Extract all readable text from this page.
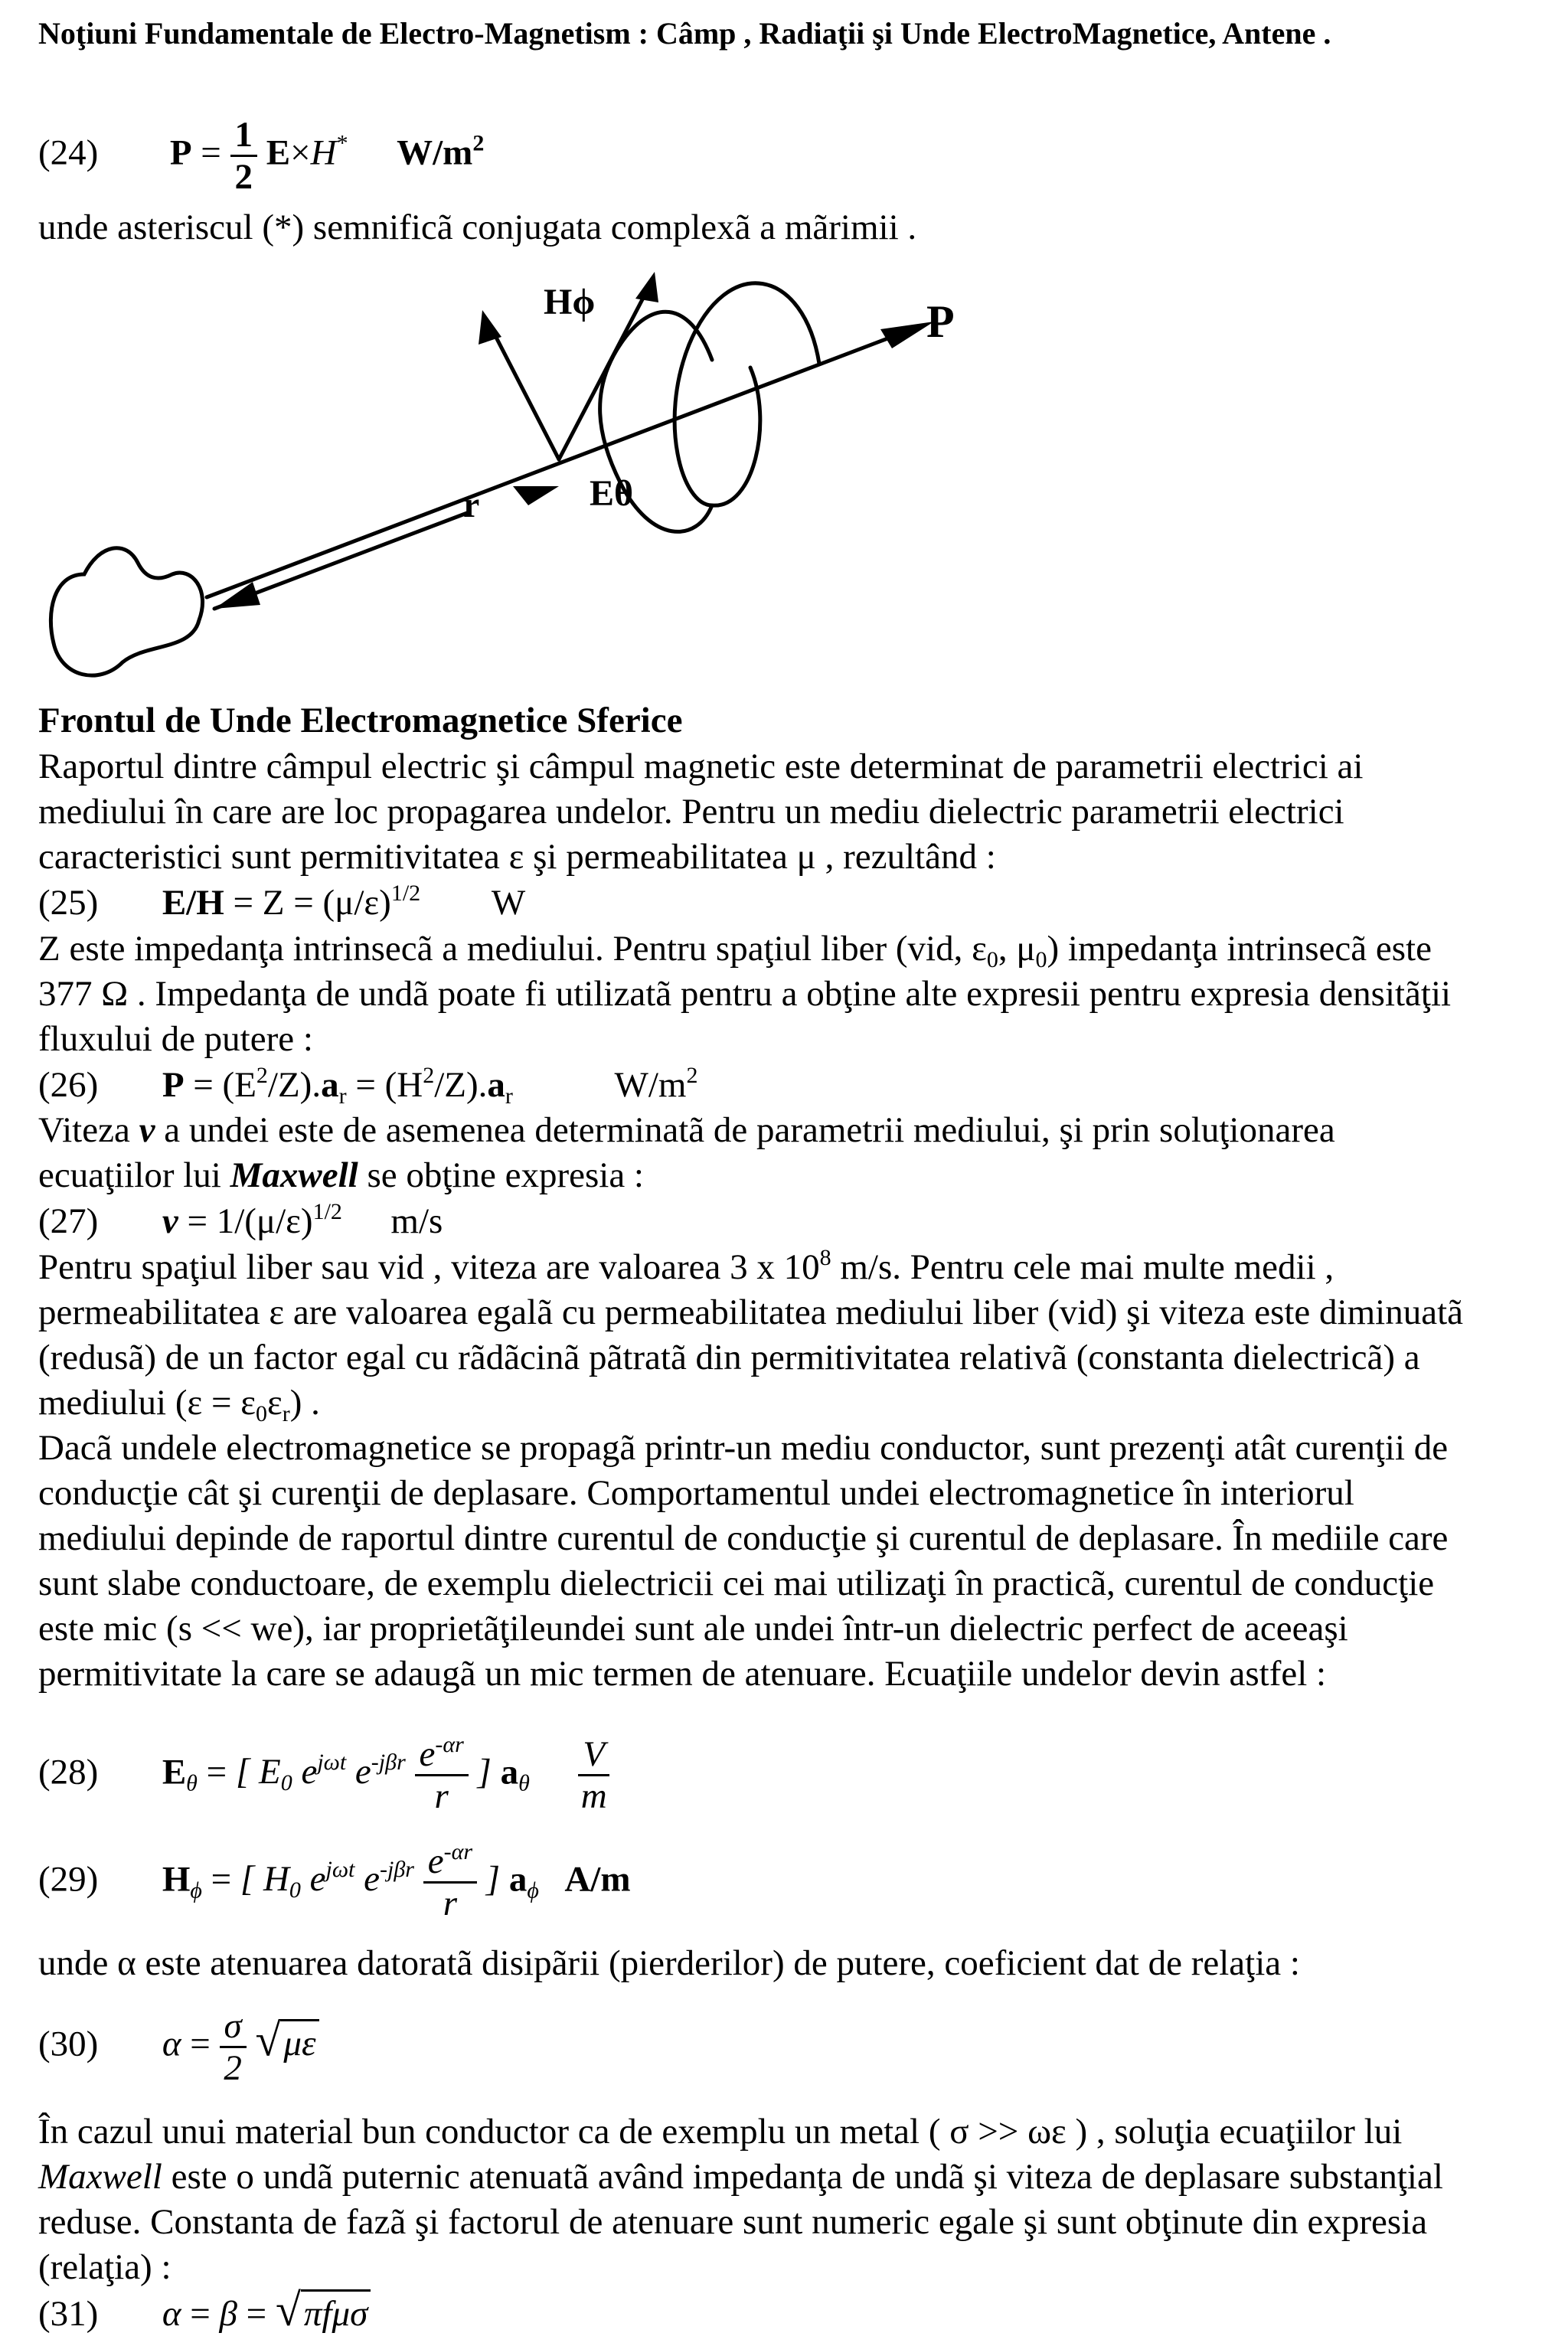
Noţiuni Fundamentale de Electro-Magnetism : Câmp , Radiaţii şi Unde ElectroMagnetice, Antene .
(24) $P = \frac{1}{2} E\times H^*$ $W/m^2$
unde asteriscul (*) semnificã conjugata complexã a mãrimii .
P
Hϕ
Eθ
r
Frontul de Unde Electromagnetice Sferice
Raportul dintre câmpul electric şi câmpul magnetic este determinat de parametrii electrici ai
mediului în care are loc propagarea undelor. Pentru un mediu dielectric parametrii electrici
caracteristici sunt permitivitatea ε şi permeabilitatea μ , rezultând :
(25) $E/H = Z = (\mu/\varepsilon)^{1/2}$ W
Z este impedanţa intrinsecã a mediului. Pentru spaţiul liber (vid, $\varepsilon_0$, $\mu_0$) impedanţa intrinsecã este
377 Ω . Impedanţa de undã poate fi utilizatã pentru a obţine alte expresii pentru expresia densitãţii
fluxului de putere :
(26) $P = (E^2/Z).a_r = (H^2/Z).a_r$	$W/m^2$
Viteza v a undei este de asemenea determinatã de parametrii mediului, şi prin soluţionarea
ecuaţiilor lui Maxwell se obţine expresia :
(27) $v = 1/(\mu/\varepsilon)^{1/2}$ m/s
Pentru spaţiul liber sau vid , viteza are valoarea 3 x $10^8$ m/s. Pentru cele mai multe medii ,
permeabilitatea ε are valoarea egalã cu permeabilitatea mediului liber (vid) şi viteza este diminuatã
(redusã) de un factor egal cu rãdãcinã pãtratã din permitivitatea relativã (constanta dielectricã) a
mediului $(\varepsilon = \varepsilon_0\varepsilon_r)$ .
Dacã undele electromagnetice se propagã printr-un mediu conductor, sunt prezenţi atât curenţii de
conducţie cât şi curenţii de deplasare. Comportamentul undei electromagnetice în interiorul
mediului depinde de raportul dintre curentul de conducţie şi curentul de deplasare. În mediile care
sunt slabe conductoare, de exemplu dielectricii cei mai utilizaţi în practicã, curentul de conducţie
este mic (s << we), iar proprietãţileundei sunt ale undei într-un dielectric perfect de aceeaşi
permitivitate la care se adaugã un mic termen de atenuare. Ecuaţiile undelor devin astfel :
(28) $E_\theta$ = [ $E_0$ $e^{j\omega t}$ $e^{-j\beta r} \frac{e^{-\alpha r}}{r}$ ] $a_\theta \frac{V}{m}$
(29) $H_\phi$ = [ $H_0$ $e^{j\omega t}$ $e^{-j\beta r} \frac{e^{-\alpha r}}{r}$ ] $a_\phi$ A/m
unde α este atenuarea datoratã disipãrii (pierderilor) de putere, coeficient dat de relaţia :
(30) $\alpha = \frac{\sigma}{2} √\mu\varepsilon$
În cazul unui material bun conductor ca de exemplu un metal ( σ >> ωε ) , soluţia ecuaţiilor lui
Maxwell este o undã puternic atenuatã având impedanţa de undã şi viteza de deplasare substanţial
reduse. Constanta de fazã şi factorul de atenuare sunt numeric egale şi sunt obţinute din expresia
(relaţia) :
(31) α = β = √πfμσ
